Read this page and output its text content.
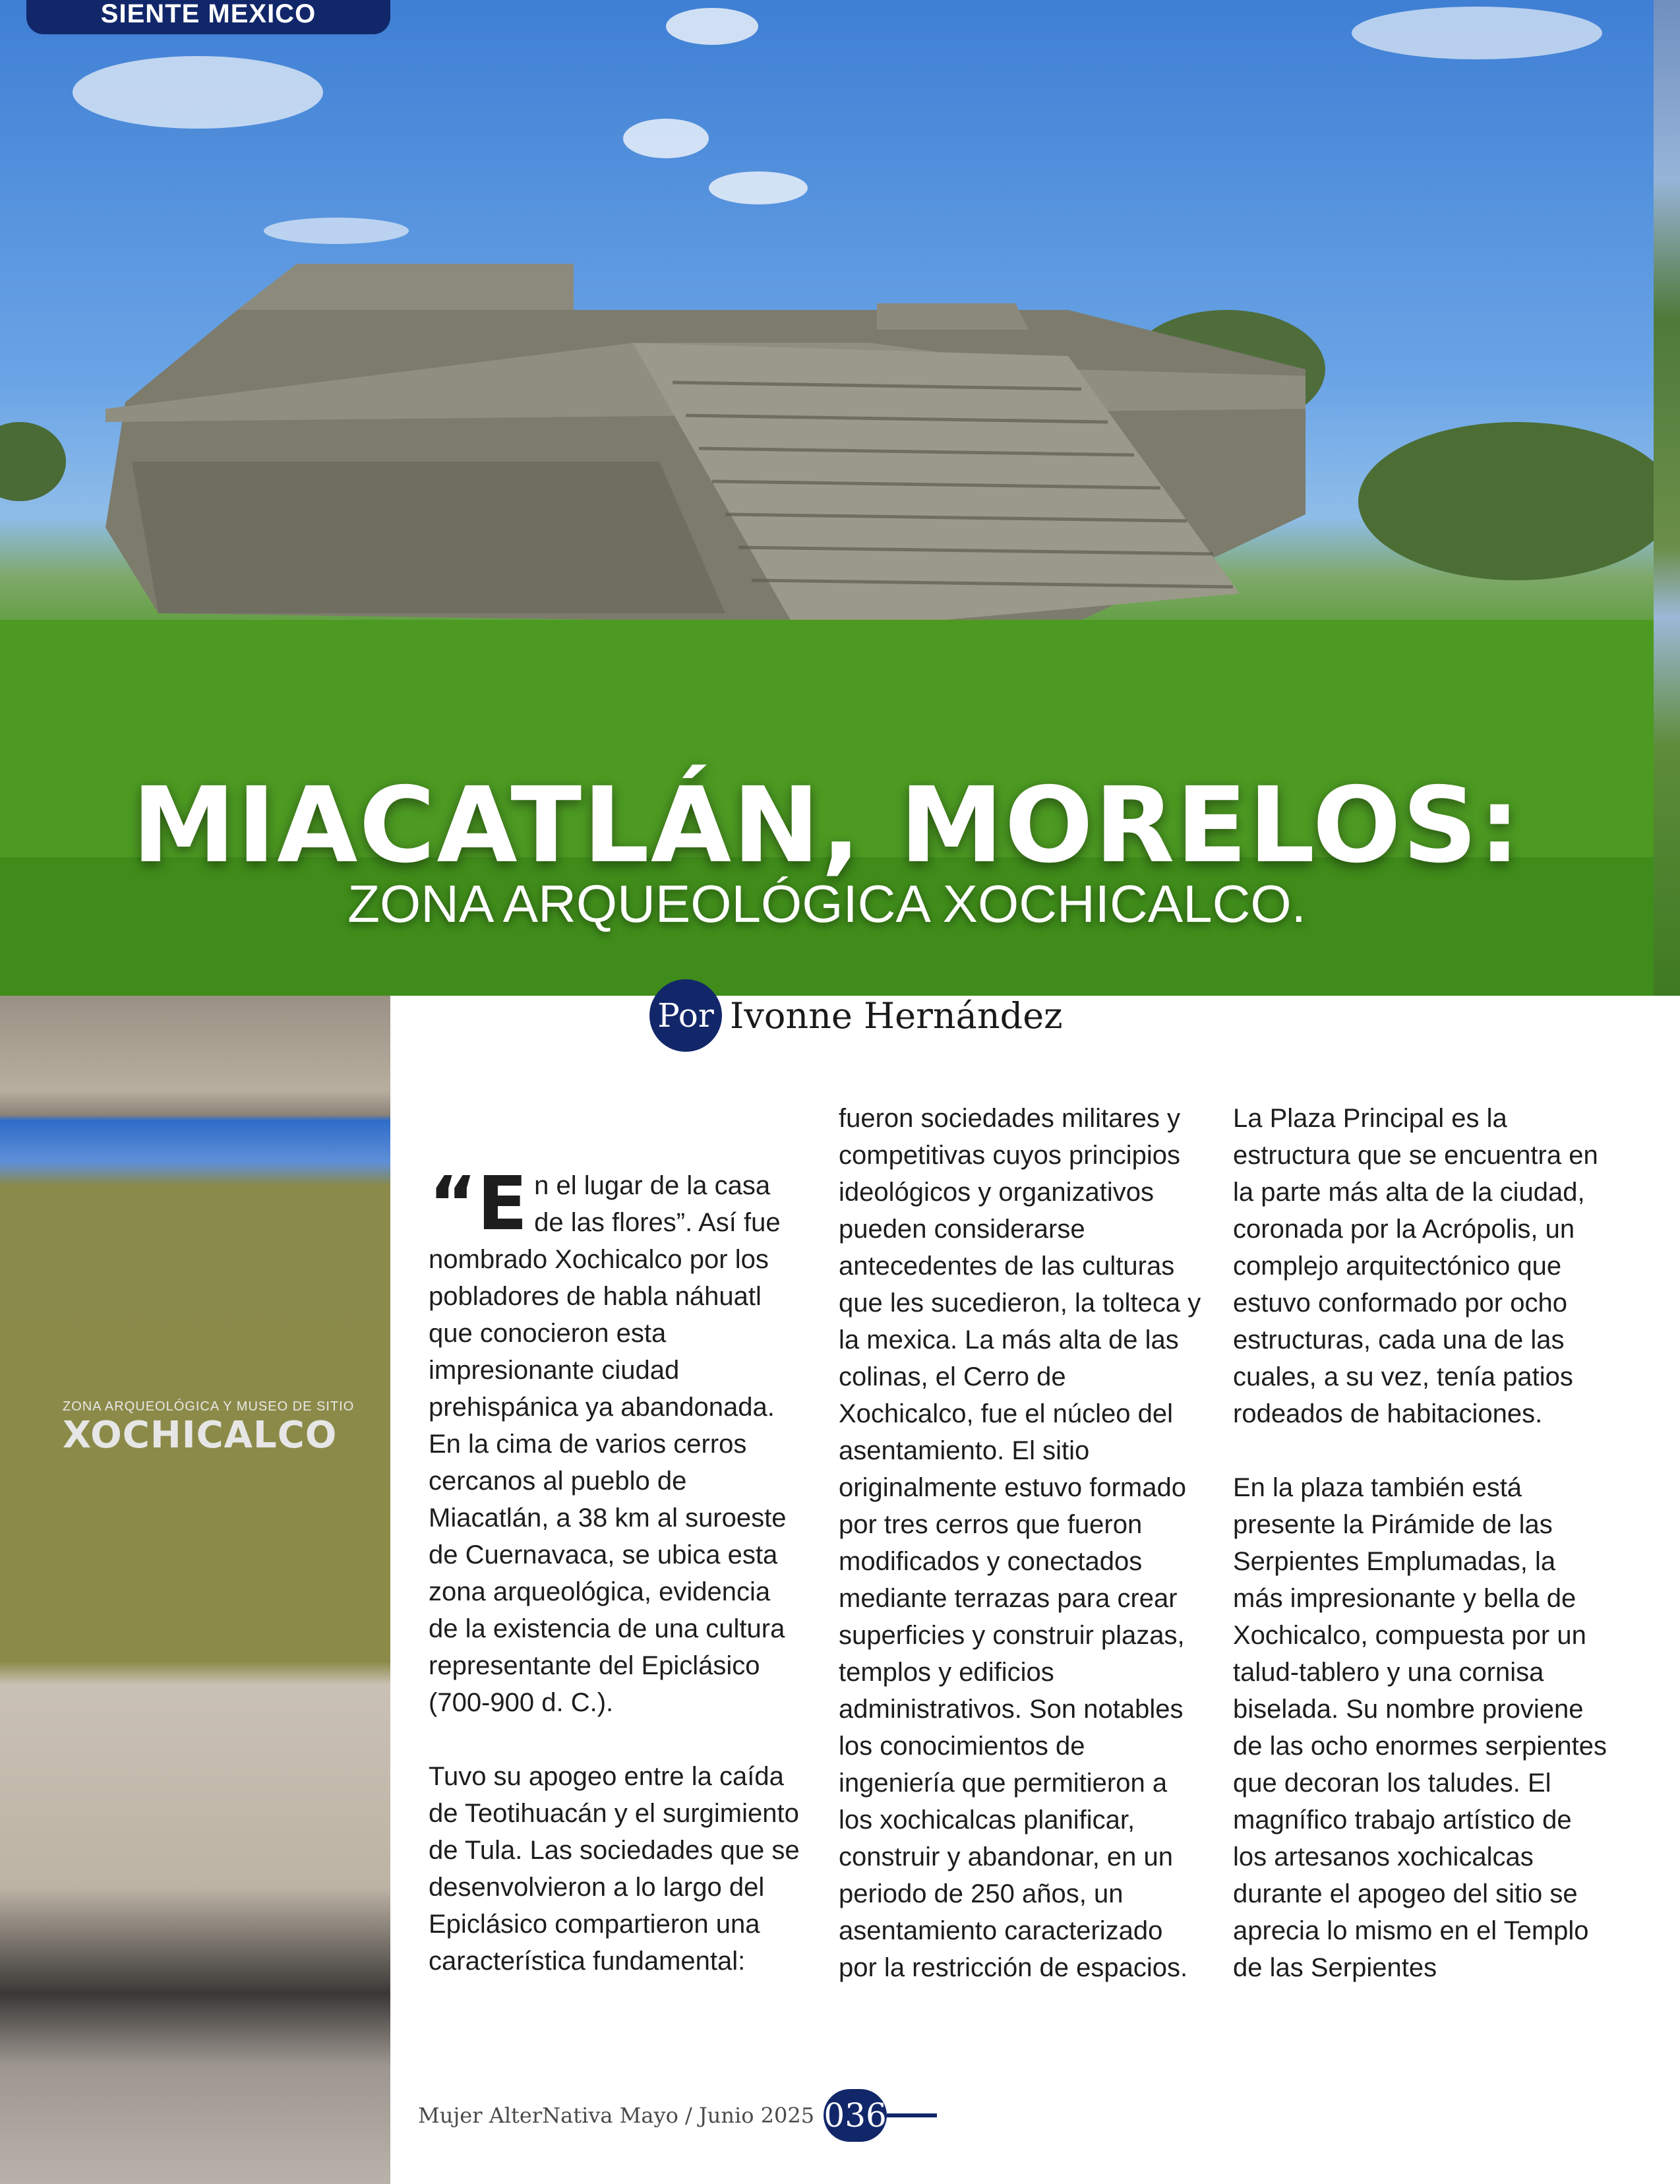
SIENTE MEXICO
MIACATLÁN, MORELOS:
ZONA ARQUEOLÓGICA XOCHICALCO.
ZONA ARQUEOLÓGICA Y MUSEO DE SITIO
XOCHICALCO
Por Ivonne Hernández

“En el lugar de la casa de las flores”. Así fue nombrado Xochicalco por los pobladores de habla náhuatl que conocieron esta impresionante ciudad prehispánica ya abandonada. En la cima de varios cerros cercanos al pueblo de Miacatlán, a 38 km al suroeste de Cuernavaca, se ubica esta zona arqueológica, evidencia de la existencia de una cultura representante del Epiclásico (700-900 d. C.).

Tuvo su apogeo entre la caída de Teotihuacán y el surgimiento de Tula. Las sociedades que se desenvolvieron a lo largo del Epiclásico compartieron una característica fundamental:

fueron sociedades militares y competitivas cuyos principios ideológicos y organizativos pueden considerarse antecedentes de las culturas que les sucedieron, la tolteca y la mexica. La más alta de las colinas, el Cerro de Xochicalco, fue el núcleo del asentamiento. El sitio originalmente estuvo formado por tres cerros que fueron modificados y conectados mediante terrazas para crear superficies y construir plazas, templos y edificios administrativos. Son notables los conocimientos de ingeniería que permitieron a los xochicalcas planificar, construir y abandonar, en un periodo de 250 años, un asentamiento caracterizado por la restricción de espacios.

La Plaza Principal es la estructura que se encuentra en la parte más alta de la ciudad, coronada por la Acrópolis, un complejo arquitectónico que estuvo conformado por ocho estructuras, cada una de las cuales, a su vez, tenía patios rodeados de habitaciones.

En la plaza también está presente la Pirámide de las Serpientes Emplumadas, la más impresionante y bella de Xochicalco, compuesta por un talud-tablero y una cornisa biselada. Su nombre proviene de las ocho enormes serpientes que decoran los taludes. El magnífico trabajo artístico de los artesanos xochicalcas durante el apogeo del sitio se aprecia lo mismo en el Templo de las Serpientes

Mujer AlterNativa Mayo / Junio 2025 036
